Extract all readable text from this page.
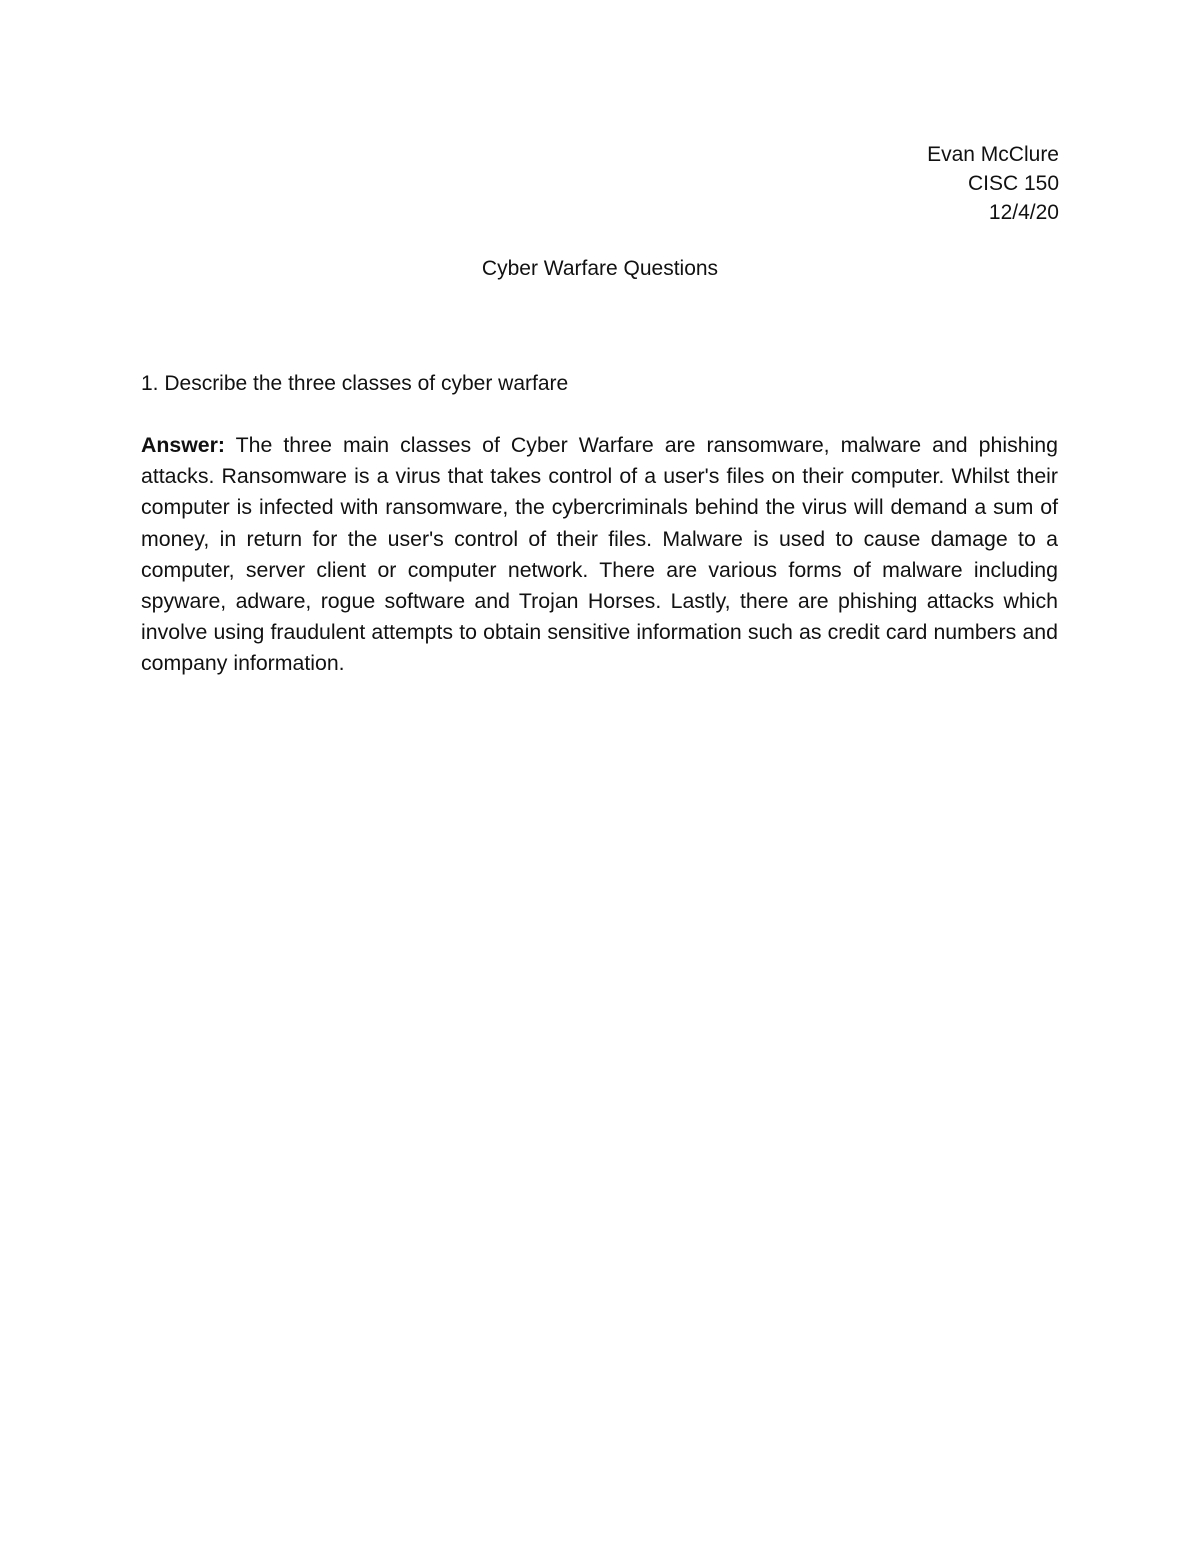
Evan McClure
CISC 150
12/4/20
Cyber Warfare Questions
1. Describe the three classes of cyber warfare
Answer: The three main classes of Cyber Warfare are ransomware, malware and phishing attacks. Ransomware is a virus that takes control of a user's files on their computer. Whilst their computer is infected with ransomware, the cybercriminals behind the virus will demand a sum of money, in return for the user's control of their files. Malware is used to cause damage to a computer, server client or computer network. There are various forms of malware including spyware, adware, rogue software and Trojan Horses. Lastly, there are phishing attacks which involve using fraudulent attempts to obtain sensitive information such as credit card numbers and company information.
